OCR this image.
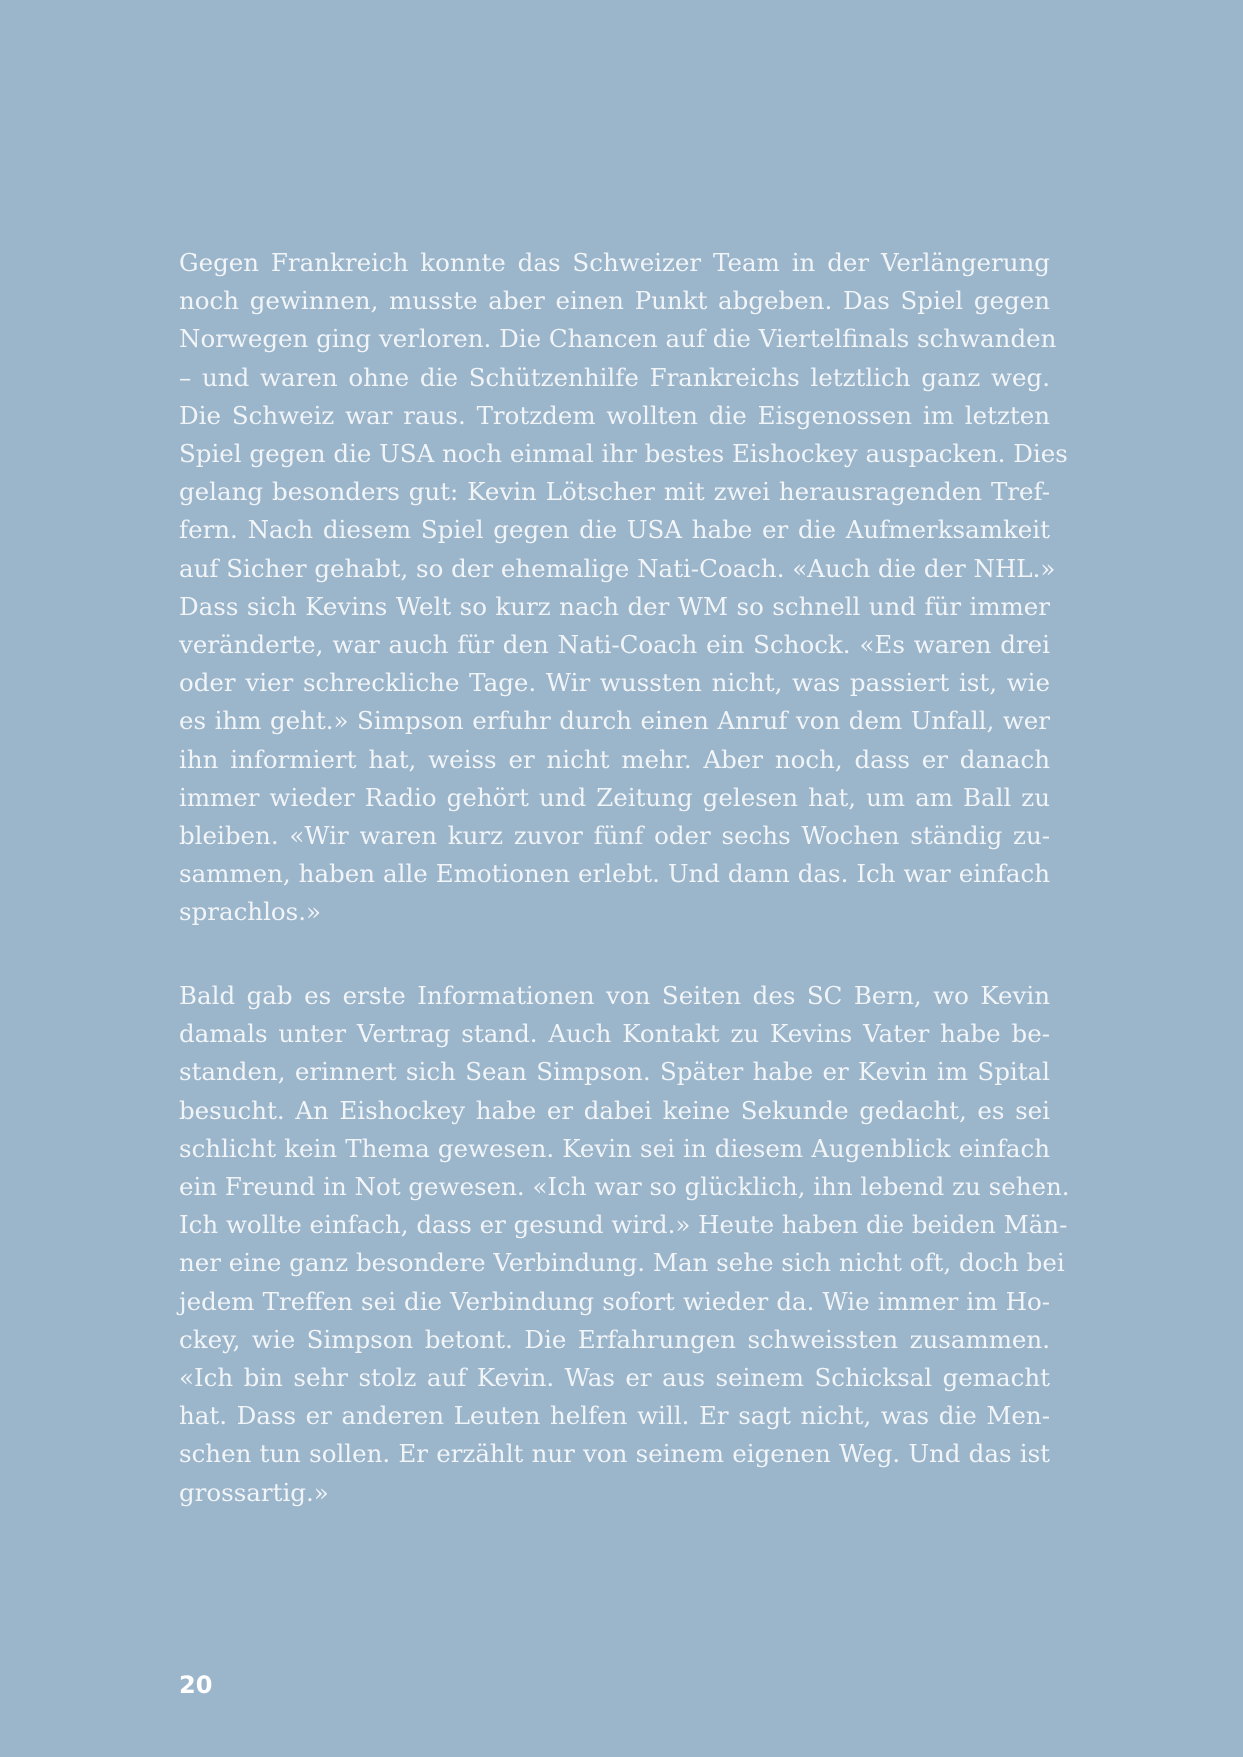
Gegen Frankreich konnte das Schweizer Team in der Verlängerung
noch gewinnen, musste aber einen Punkt abgeben. Das Spiel gegen
Norwegen ging verloren. Die Chancen auf die Viertelfinals schwanden
– und waren ohne die Schützenhilfe Frankreichs letztlich ganz weg.
Die Schweiz war raus. Trotzdem wollten die Eisgenossen im letzten
Spiel gegen die USA noch einmal ihr bestes Eishockey auspacken. Dies
gelang besonders gut: Kevin Lötscher mit zwei herausragenden Tref-
fern. Nach diesem Spiel gegen die USA habe er die Aufmerksamkeit
auf Sicher gehabt, so der ehemalige Nati-Coach. «Auch die der NHL.»
Dass sich Kevins Welt so kurz nach der WM so schnell und für immer
veränderte, war auch für den Nati-Coach ein Schock. «Es waren drei
oder vier schreckliche Tage. Wir wussten nicht, was passiert ist, wie
es ihm geht.» Simpson erfuhr durch einen Anruf von dem Unfall, wer
ihn informiert hat, weiss er nicht mehr. Aber noch, dass er danach
immer wieder Radio gehört und Zeitung gelesen hat, um am Ball zu
bleiben. «Wir waren kurz zuvor fünf oder sechs Wochen ständig zu-
sammen, haben alle Emotionen erlebt. Und dann das. Ich war einfach
sprachlos.»

Bald gab es erste Informationen von Seiten des SC Bern, wo Kevin
damals unter Vertrag stand. Auch Kontakt zu Kevins Vater habe be-
standen, erinnert sich Sean Simpson. Später habe er Kevin im Spital
besucht. An Eishockey habe er dabei keine Sekunde gedacht, es sei
schlicht kein Thema gewesen. Kevin sei in diesem Augenblick einfach
ein Freund in Not gewesen. «Ich war so glücklich, ihn lebend zu sehen.
Ich wollte einfach, dass er gesund wird.» Heute haben die beiden Män-
ner eine ganz besondere Verbindung. Man sehe sich nicht oft, doch bei
jedem Treffen sei die Verbindung sofort wieder da. Wie immer im Ho-
ckey, wie Simpson betont. Die Erfahrungen schweissten zusammen.
«Ich bin sehr stolz auf Kevin. Was er aus seinem Schicksal gemacht
hat. Dass er anderen Leuten helfen will. Er sagt nicht, was die Men-
schen tun sollen. Er erzählt nur von seinem eigenen Weg. Und das ist
grossartig.»

20
